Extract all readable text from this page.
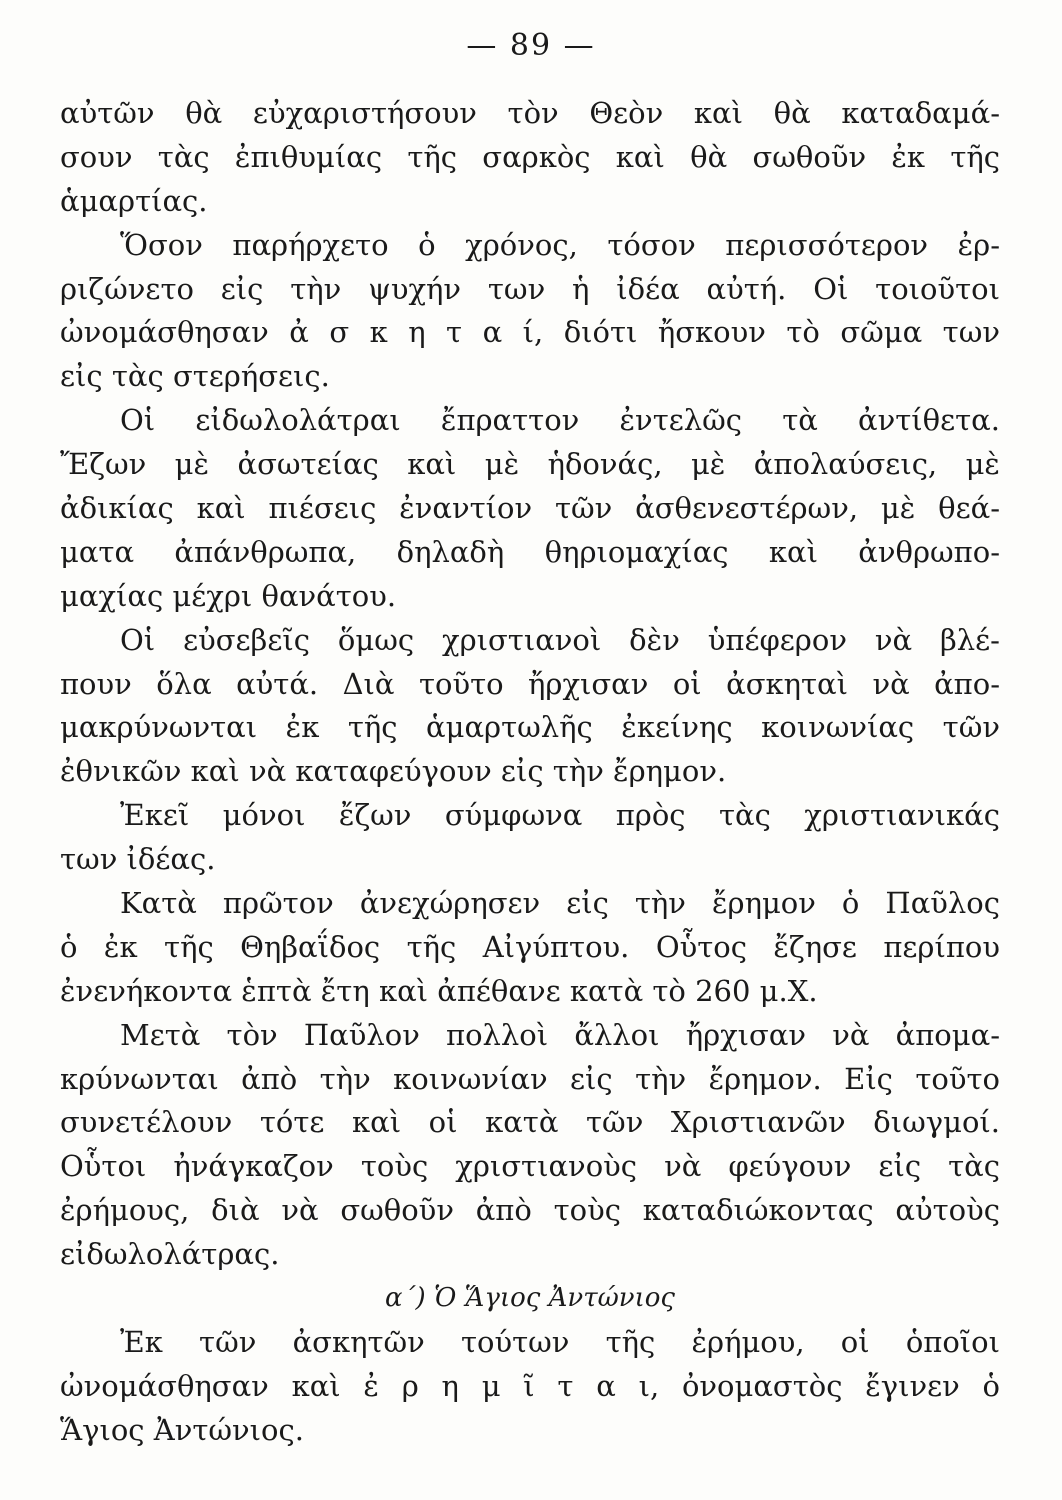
— 89 —
αὐτῶν θὰ εὐχαριστήσουν τὸν Θεὸν καὶ θὰ καταδαμά-
σουν τὰς ἐπιθυμίας τῆς σαρκὸς καὶ θὰ σωθοῦν ἐκ τῆς
ἁμαρτίας.
Ὅσον παρήρχετο ὁ χρόνος, τόσον περισσότερον ἐρ-
ριζώνετο εἰς τὴν ψυχήν των ἡ ἰδέα αὐτή. Οἱ τοιοῦτοι
ὠνομάσθησαν ἀ σ κ η τ α ί, διότι ἤσκουν τὸ σῶμα των
εἰς τὰς στερήσεις.
Οἱ εἰδωλολάτραι ἔπραττον ἐντελῶς τὰ ἀντίθετα.
Ἔζων μὲ ἀσωτείας καὶ μὲ ἡδονάς, μὲ ἀπολαύσεις, μὲ
ἀδικίας καὶ πιέσεις ἐναντίον τῶν ἀσθενεστέρων, μὲ θεά-
ματα ἀπάνθρωπα, δηλαδὴ θηριομαχίας καὶ ἀνθρωπο-
μαχίας μέχρι θανάτου.
Οἱ εὐσεβεῖς ὅμως χριστιανοὶ δὲν ὑπέφερον νὰ βλέ-
πουν ὅλα αὐτά. Διὰ τοῦτο ἤρχισαν οἱ ἀσκηταὶ νὰ ἀπο-
μακρύνωνται ἐκ τῆς ἁμαρτωλῆς ἐκείνης κοινωνίας τῶν
ἐθνικῶν καὶ νὰ καταφεύγουν εἰς τὴν ἔρημον.
Ἐκεῖ μόνοι ἔζων σύμφωνα πρὸς τὰς χριστιανικάς
των ἰδέας.
Κατὰ πρῶτον ἀνεχώρησεν εἰς τὴν ἔρημον ὁ Παῦλος
ὁ ἐκ τῆς Θηβαΐδος τῆς Αἰγύπτου. Οὗτος ἔζησε περίπου
ἐνενήκοντα ἑπτὰ ἔτη καὶ ἀπέθανε κατὰ τὸ 260 μ.Χ.
Μετὰ τὸν Παῦλον πολλοὶ ἄλλοι ἤρχισαν νὰ ἀπομα-
κρύνωνται ἀπὸ τὴν κοινωνίαν εἰς τὴν ἔρημον. Εἰς τοῦτο
συνετέλουν τότε καὶ οἱ κατὰ τῶν Χριστιανῶν διωγμοί.
Οὗτοι ἠνάγκαζον τοὺς χριστιανοὺς νὰ φεύγουν εἰς τὰς
ἐρήμους, διὰ νὰ σωθοῦν ἀπὸ τοὺς καταδιώκοντας αὐτοὺς
εἰδωλολάτρας.
α΄) Ὁ Ἅγιος Ἀντώνιος
Ἐκ τῶν ἀσκητῶν τούτων τῆς ἐρήμου, οἱ ὁποῖοι
ὠνομάσθησαν καὶ ἐ ρ η μ ῖ τ α ι, ὀνομαστὸς ἔγινεν ὁ
Ἅγιος Ἀντώνιος.
